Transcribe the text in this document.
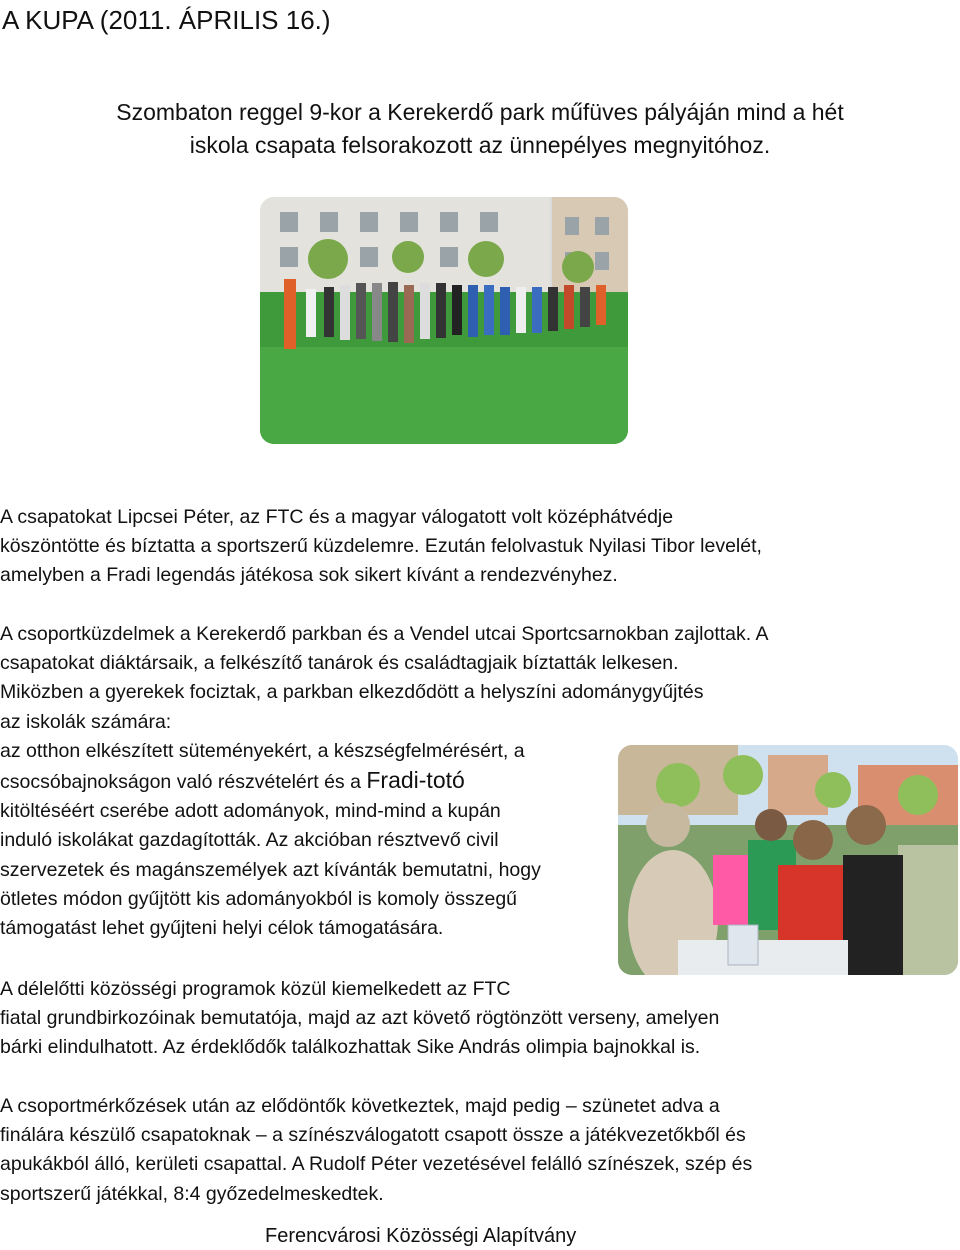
A KUPA (2011. ÁPRILIS 16.)
Szombaton reggel 9-kor a Kerekerdő park műfüves pályáján mind a hét
iskola csapata felsorakozott az ünnepélyes megnyitóhoz.
A csapatokat Lipcsei Péter, az FTC és a magyar válogatott volt középhátvédje
köszöntötte és bíztatta a sportszerű küzdelemre. Ezután felolvastuk Nyilasi Tibor levelét,
amelyben a Fradi legendás játékosa sok sikert kívánt a rendezvényhez.
A csoportküzdelmek a Kerekerdő parkban és a Vendel utcai Sportcsarnokban zajlottak. A
csapatokat diáktársaik, a felkészítő tanárok és családtagjaik bíztatták lelkesen.
Miközben a gyerekek fociztak, a parkban elkezdődött a helyszíni adománygyűjtés
az iskolák számára:
az otthon elkészített süteményekért, a készségfelmérésért, a
csocsóbajnokságon való részvételért és a Fradi-totó
kitöltéséért cserébe adott adományok, mind-mind a kupán
induló iskolákat gazdagították. Az akcióban résztvevő civil
szervezetek és magánszemélyek azt kívánták bemutatni, hogy
ötletes módon gyűjtött kis adományokból is komoly összegű
támogatást lehet gyűjteni helyi célok támogatására.
A délelőtti közösségi programok közül kiemelkedett az FTC
fiatal grundbirkozóinak bemutatója, majd az azt követő rögtönzött verseny, amelyen
bárki elindulhatott. Az érdeklődők találkozhattak Sike András olimpia bajnokkal is.
A csoportmérkőzések után az elődöntők következtek, majd pedig – szünetet adva a
finálára készülő csapatoknak – a színészválogatott csapott össze a játékvezetőkből és
apukákból álló, kerületi csapattal. A Rudolf Péter vezetésével felálló színészek, szép és
sportszerű játékkal, 8:4 győzedelmeskedtek.
Ferencvárosi Közösségi Alapítvány
